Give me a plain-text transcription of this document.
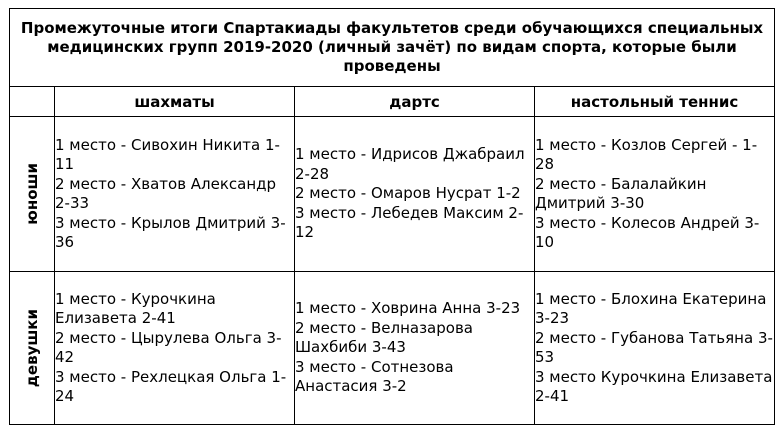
Промежуточные итоги Спартакиады факультетов среди обучающихся специальных медицинских групп 2019-2020 (личный зачёт) по видам спорта, которые были проведены			
	шахматы	дартс	настольный теннис

юноши	1 место - Сивохин Никита 1-11
2 место - Хватов Александр 2-33
3 место - Крылов Дмитрий 3-36	1 место - Идрисов Джабраил 2-28
2 место - Омаров Нусрат 1-2
3 место - Лебедев Максим 2-12	1 место - Козлов Сергей - 1-28
2 место - Балалайкин Дмитрий 3-30
3 место - Колесов Андрей 3-10

девушки	1 место - Курочкина Елизавета 2-41
2 место - Цырулева Ольга 3-42
3 место - Рехлецкая Ольга 1-24	1 место - Ховрина Анна 3-23
2 место - Велназарова Шахбиби 3-43
3 место - Сотнезова Анастасия 3-2	1 место - Блохина Екатерина 3-23
2 место - Губанова Татьяна 3-53
3 место Курочкина Елизавета 2-41
